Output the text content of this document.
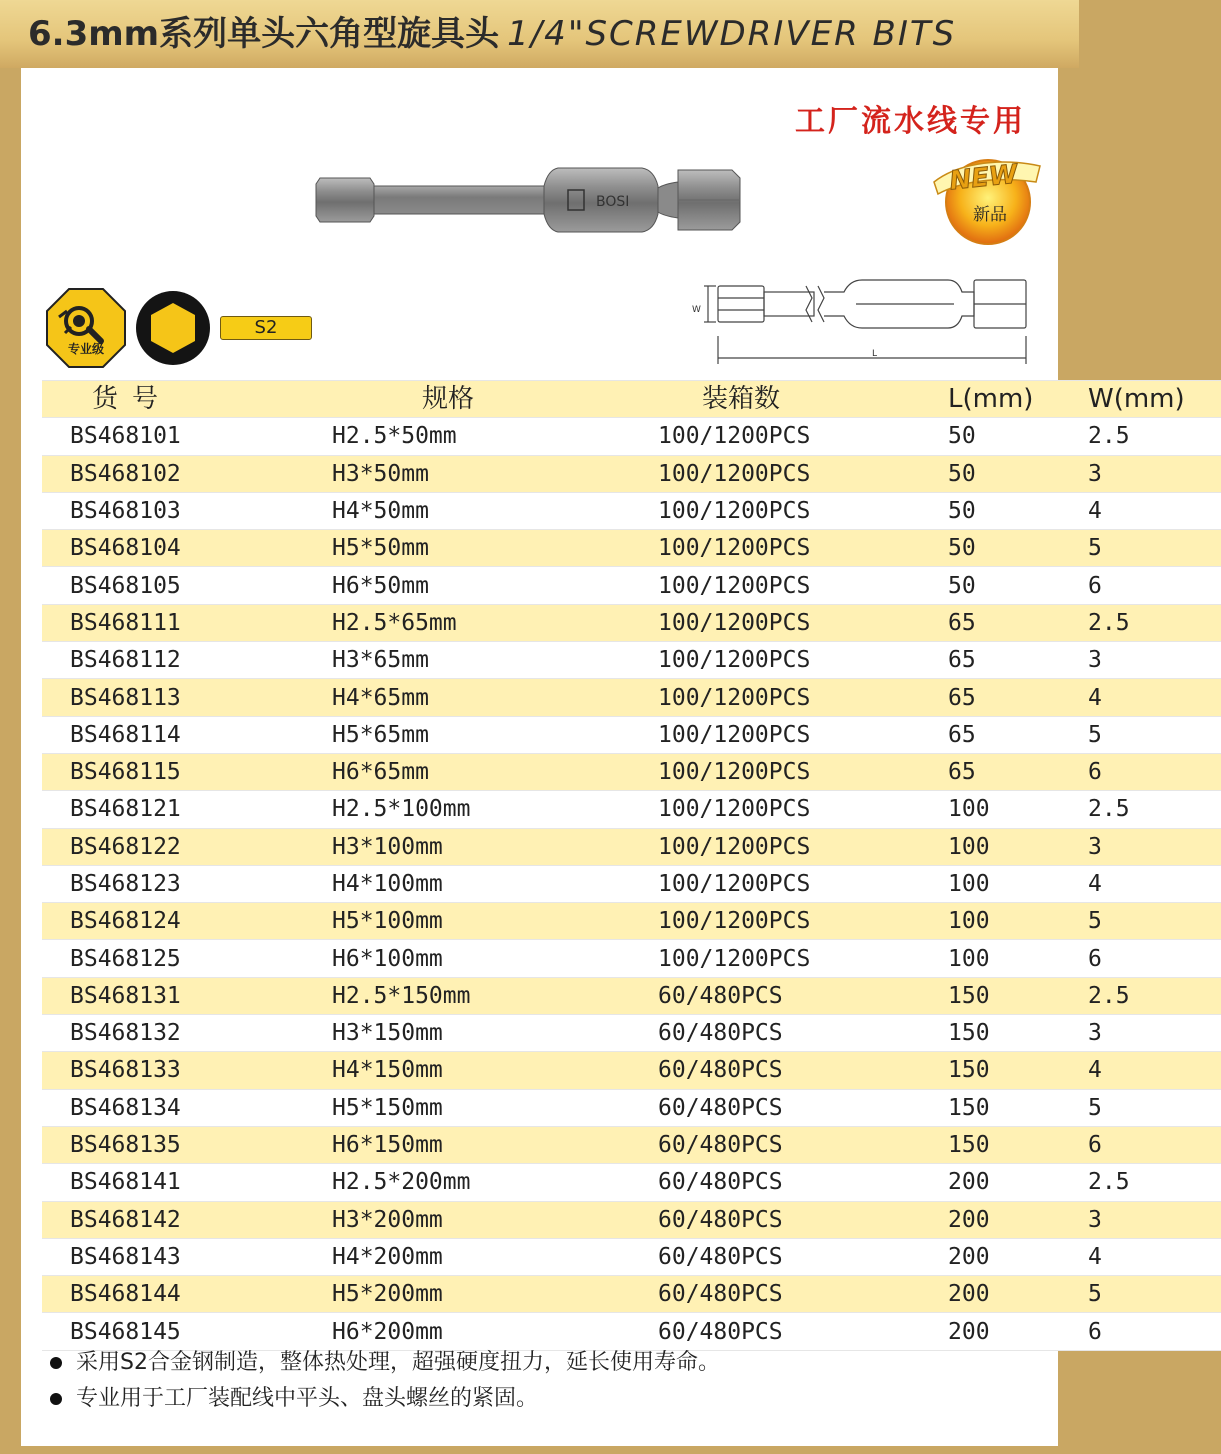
6.3mm系列单头六角型旋具头 1/4"SCREWDRIVER BITS
工厂流水线专用
NEW
新品
BOSI
专业级
S2
W
L
货号	规格	装箱数	L(mm)	W(mm)
BS468101	H2.5*50mm	100/1200PCS	50	2.5
BS468102	H3*50mm	100/1200PCS	50	3
BS468103	H4*50mm	100/1200PCS	50	4
BS468104	H5*50mm	100/1200PCS	50	5
BS468105	H6*50mm	100/1200PCS	50	6
BS468111	H2.5*65mm	100/1200PCS	65	2.5
BS468112	H3*65mm	100/1200PCS	65	3
BS468113	H4*65mm	100/1200PCS	65	4
BS468114	H5*65mm	100/1200PCS	65	5
BS468115	H6*65mm	100/1200PCS	65	6
BS468121	H2.5*100mm	100/1200PCS	100	2.5
BS468122	H3*100mm	100/1200PCS	100	3
BS468123	H4*100mm	100/1200PCS	100	4
BS468124	H5*100mm	100/1200PCS	100	5
BS468125	H6*100mm	100/1200PCS	100	6
BS468131	H2.5*150mm	60/480PCS	150	2.5
BS468132	H3*150mm	60/480PCS	150	3
BS468133	H4*150mm	60/480PCS	150	4
BS468134	H5*150mm	60/480PCS	150	5
BS468135	H6*150mm	60/480PCS	150	6
BS468141	H2.5*200mm	60/480PCS	200	2.5
BS468142	H3*200mm	60/480PCS	200	3
BS468143	H4*200mm	60/480PCS	200	4
BS468144	H5*200mm	60/480PCS	200	5
BS468145	H6*200mm	60/480PCS	200	6
采用S2合金钢制造，整体热处理，超强硬度扭力，延长使用寿命。
专业用于工厂装配线中平头、盘头螺丝的紧固。
